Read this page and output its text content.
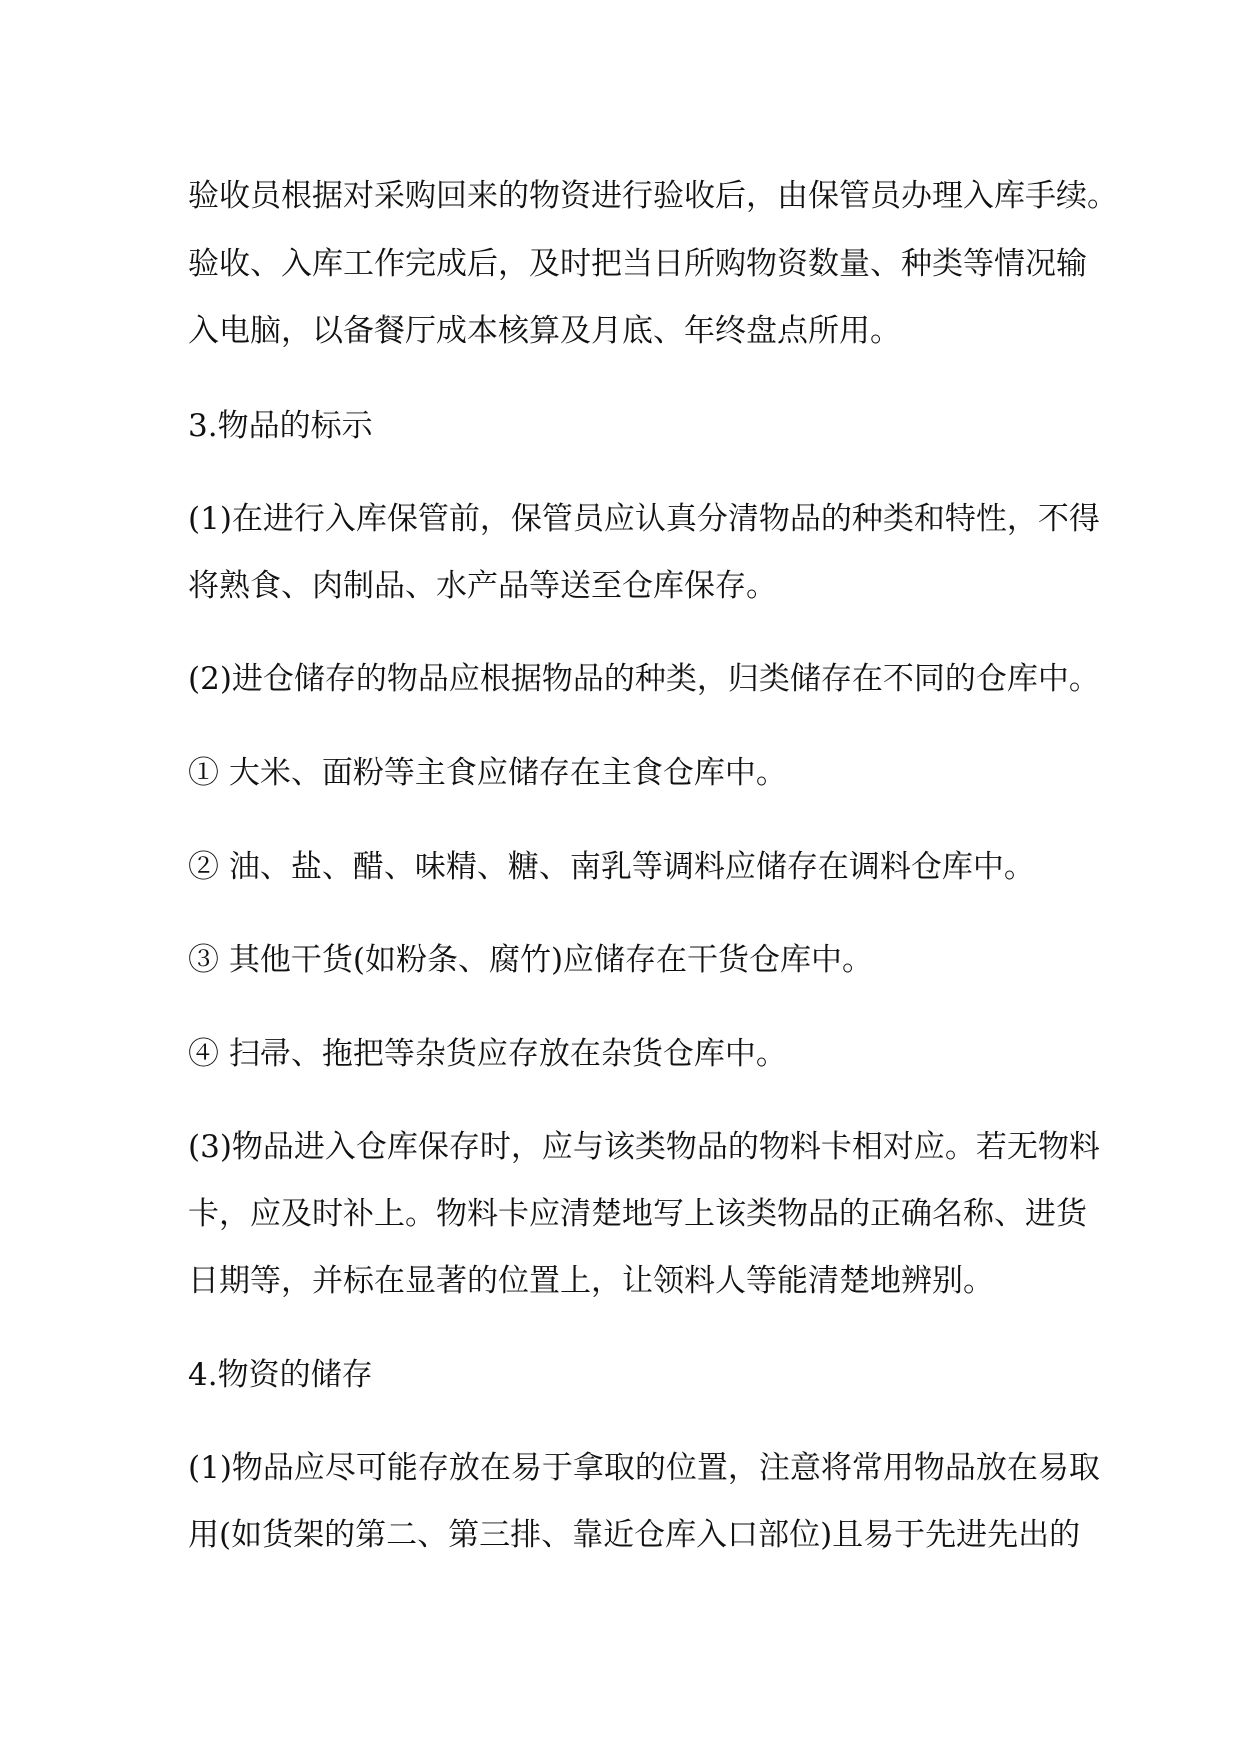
验收员根据对采购回来的物资进行验收后，由保管员办理入库手续。

验收、入库工作完成后，及时把当日所购物资数量、种类等情况输

入电脑，以备餐厅成本核算及月底、年终盘点所用。

3.物品的标示

(1)在进行入库保管前，保管员应认真分清物品的种类和特性，不得

将熟食、肉制品、水产品等送至仓库保存。

(2)进仓储存的物品应根据物品的种类，归类储存在不同的仓库中。

① 大米、面粉等主食应储存在主食仓库中。

② 油、盐、醋、味精、糖、南乳等调料应储存在调料仓库中。

③ 其他干货(如粉条、腐竹)应储存在干货仓库中。

④ 扫帚、拖把等杂货应存放在杂货仓库中。

(3)物品进入仓库保存时，应与该类物品的物料卡相对应。若无物料

卡，应及时补上。物料卡应清楚地写上该类物品的正确名称、进货

日期等，并标在显著的位置上，让领料人等能清楚地辨别。

4.物资的储存

(1)物品应尽可能存放在易于拿取的位置，注意将常用物品放在易取

用(如货架的第二、第三排、靠近仓库入口部位)且易于先进先出的
